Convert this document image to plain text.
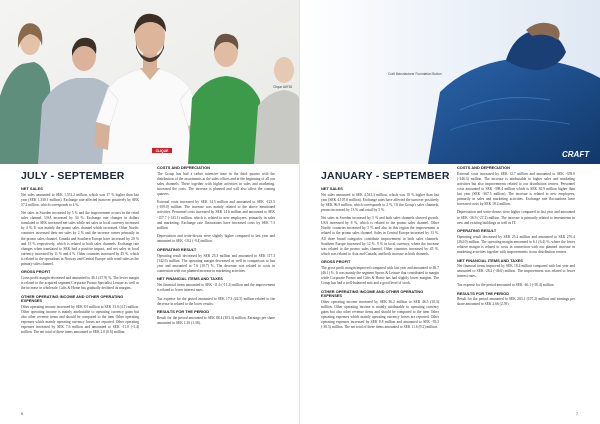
CLIQUE
Clique AW'18
JULY - SEPTEMBER
NET SALES

Net sales amounted to SEK 1,551.2 million, which was 17 % higher than last year (SEK 1,330.1 million). Exchange rate-affected turnover positively by SEK 57.2 million, which corresponds to 4 %.

Net sales in Sweden increased by 5 % and the improvement occurs in the retail sales channel. USA increased by 34 %. Exchange rate changes in dollars translated to SEK increased net sales while net sales in local currency increased by 4 %. It was mainly the promo sales channel which increased. Other Nordic countries increased their net sales by 2 % and the increase comes primarily in the promo sales channel. Canada and Southern Europe have increased by 20 % and 13 % respectively, which is related to both sales channels. Exchange rate changes when translated to SEK had a positive impact, and net sales in local currency increased by 11 % and 4 %. Other countries increased by 45 %, which is related to the operations in Norway and Central Europe with retail sales as the primary sales channel.

GROSS PROFIT

Gross profit margin decreased and amounted to 46.1 (47.9) %. The lower margin is related to the acquired segment Corporate Promo Specialist Leisure as well as the increase in wholesale. Gifts & Home has gradually declined its margins.

OTHER OPERATING INCOME AND OTHER OPERATING EXPENSES

Other operating income increased by SEK 8.9 million to SEK 13.0 (4.1) million. Other operating income is mainly attributable to operating currency gains but also other revenue items and should be compared to the item Other operating expenses which mainly operating currency losses are reported. Other operating expenses increased by SEK 7.6 million and amounted to SEK -11.0 (-3.4) million. The net total of these items amounted to SEK 2.0 (0.6) million.

COSTS AND DEPRECIATION

The Group has had a rather intensive time in the third quarter with the distribution of the assortments at the sales offices and at the beginning of all our sales channels. These together with higher activities in sales and marketing, increased the costs. The increase is planned and will also affect the coming quarters.

External costs increased by SEK 14.5 million and amounted to SEK -123.5 (-109.0) million. The increase was mainly related to the above mentioned activities. Personnel costs increased by SEK 14.6 million and amounted to SEK -157.7 (-143.1) million, which is related to new employees, primarily in sales and marketing. Exchange rate fluctuations have increased costs by SEK 7.3 million.

Depreciation and write-downs were slightly higher compared to last year and amounted to SEK -10.2 (-9.4) million.

OPERATING RESULT

Operating result decreased by SEK 25.3 million and amounted to SEK 117.3 (142.6) million. The operating margin decreased as well in comparison to last year and amounted to 7.6 (10.7) %. The decrease was related to costs in connection with our planned increase in marketing activities.

NET FINANCIAL ITEMS AND TAXES

Net financial items amounted to SEK -11.6 (-11.2) million and the improvement is related to lower interest rates.

Tax expense for the period amounted to SEK 17.3 (24.5) million related to the decrease in related to the lower results.

RESULTS FOR THE PERIOD

Result for the period amounted to SEK 88.4 (103.3) million. Earnings per share amounted to SEK 1.16 (1.36).

6
CRAFT
Craft Manufacturer Foundation Button
JANUARY - SEPTEMBER
NET SALES

Net sales amounted to SEK 4,541.3 million, which was 10 % higher than last year (SEK 4,107.0 million). Exchange rates have affected the turnover positively by SEK 96.9 million, which corresponds to 2 %. Of the Group's sales channels, promo increased by 13 % and retail by 5 %.

Net sales in Sweden increased by 5 % and both sales channels showed growth. USA increased by 8 %, which is related to the promo sales channel. Other Nordic countries increased by 5 % and also in this region the improvement is related to the promo sales channel. Sales in Central Europe increased by 13 %. All three brand categories contribute improvement in both sales channels. Southern Europe increased by 12 %. 9 % in local currency, where the increase was related to the promo sales channel. Other countries increased by 45 %, which was related to Asia and Canada, and both increase in both channels.

GROSS PROFIT

The gross profit margin improved compared with last year and amounted to 46.7 (46.1) %. It was mainly the segment Sports & Leisure that contributed to margin while Corporate Promo and Gifts & Home has had slightly lower margins. The Group has had a well-balanced mix and a good level of stock.

OTHER OPERATING INCOME AND OTHER OPERATING EXPENSES

Other operating income increased by SEK 36.2 million to SEK 46.5 (10.3) million. Other operating income is mainly attributable to operating currency gains but also other revenue items and should be compared to the item Other operating expenses which mainly operating currency losses are reported. Other operating expenses increased by SEK 8.8 million and amounted to SEK -39.3 (-30.5) million. The net total of these items amounted to SEK 11.6 (9.2) million.

COSTS AND DEPRECIATION

External costs increased by SEK 12.7 million and amounted to SEK -359.0 (-346.3) million. The increase is attributable to higher sales and marketing activities but also improvements related to our distribution centers. Personnel costs amounted to SEK -398.4 million which is SEK 30.9 million higher than last year (SEK -367.5 million). The increase is related to new employees, primarily in sales and marketing activities. Exchange rate fluctuations have increased costs by SEK 18.2 million.

Depreciation and write-downs were higher compared to last year and amounted to SEK -36.9 (-27.2) million. The increase is primarily related to investments in new and existing buildings as well as IT.

OPERATING RESULT

Operating result decreased by SEK 25.2 million and amounted to SEK 276.4 (264.0) million. The operating margin amounted to 6.1 (6.4) %, where the lower relative margin is related to costs in connection with our planned increase in marketing activities together with improvements in our distribution centers.

NET FINANCIAL ITEMS AND TAXES

Net financial items improved by SEK 18.4 million compared with last year and amounted to SEK -28.2 (-46.6) million. The improvement was related to lower interest rates.

Tax expense for the period amounted to SEK -46.1 (-50.4) million.

RESULTS FOR THE PERIOD

Result for the period amounted to SEK 203.1 (197.2) million and earnings per share amounted to SEK 2.66 (2.59).

7
